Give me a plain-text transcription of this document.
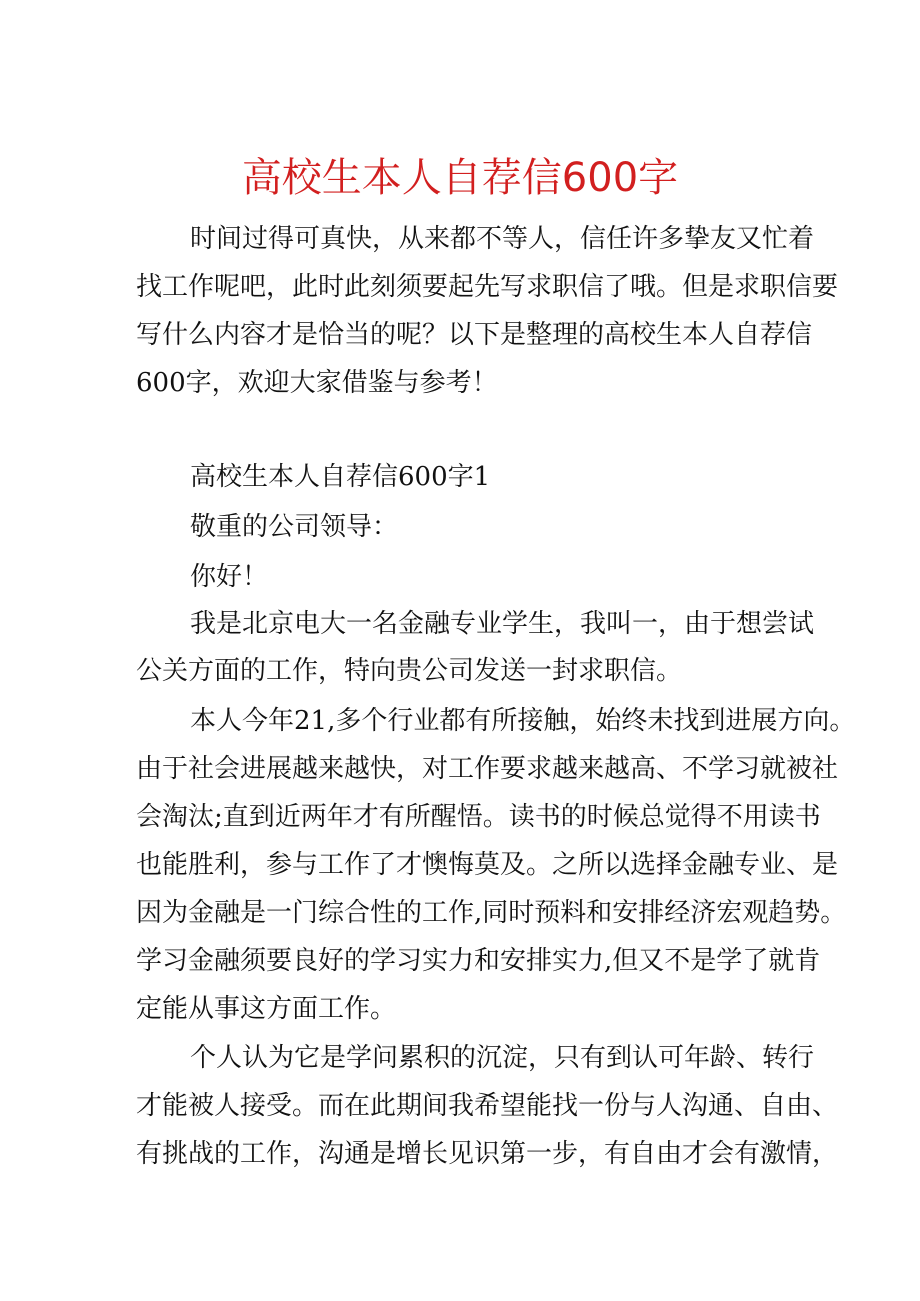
高校生本人自荐信600字
时间过得可真快，从来都不等人，信任许多挚友又忙着
找工作呢吧，此时此刻须要起先写求职信了哦。但是求职信要
写什么内容才是恰当的呢？以下是整理的高校生本人自荐信
600字，欢迎大家借鉴与参考！
高校生本人自荐信600字1
敬重的公司领导：
你好！
我是北京电大一名金融专业学生，我叫一，由于想尝试
公关方面的工作，特向贵公司发送一封求职信。
本人今年21,多个行业都有所接触，始终未找到进展方向。
由于社会进展越来越快，对工作要求越来越高、不学习就被社
会淘汰;直到近两年才有所醒悟。读书的时候总觉得不用读书
也能胜利，参与工作了才懊悔莫及。之所以选择金融专业、是
因为金融是一门综合性的工作,同时预料和安排经济宏观趋势。
学习金融须要良好的学习实力和安排实力,但又不是学了就肯
定能从事这方面工作。
个人认为它是学问累积的沉淀，只有到认可年龄、转行
才能被人接受。而在此期间我希望能找一份与人沟通、自由、
有挑战的工作，沟通是增长见识第一步，有自由才会有激情，
